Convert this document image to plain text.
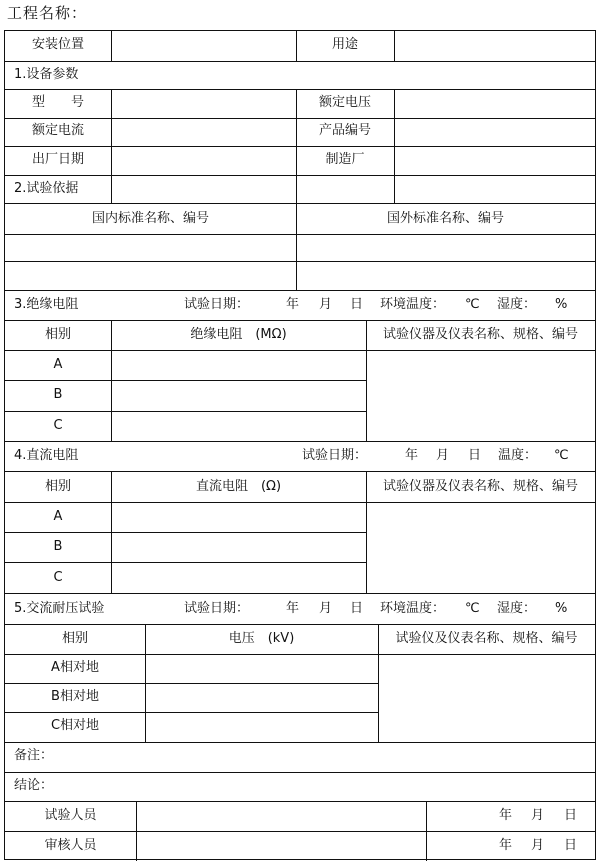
工程名称：
安装位置	用途
1.设备参数
型　　号	额定电压
额定电流	产品编号
出厂日期	制造厂
2.试验依据
国内标准名称、编号	国外标准名称、编号
3.绝缘电阻	试验日期：	年 月 日 环境温度： ℃ 湿度： %
相别	绝缘电阻　(MΩ)	试验仪器及仪表名称、规格、编号
A
B
C
4.直流电阻	试验日期：	年 月 日 温度： ℃
相别	直流电阻　(Ω)	试验仪器及仪表名称、规格、编号
A
B
C
5.交流耐压试验	试验日期：	年 月 日 环境温度： ℃ 湿度： %
相别	电压　(kV)	试验仪及仪表名称、规格、编号
A相对地
B相对地
C相对地
备注：
结论：
试验人员	年 月 日
审核人员	年 月 日
